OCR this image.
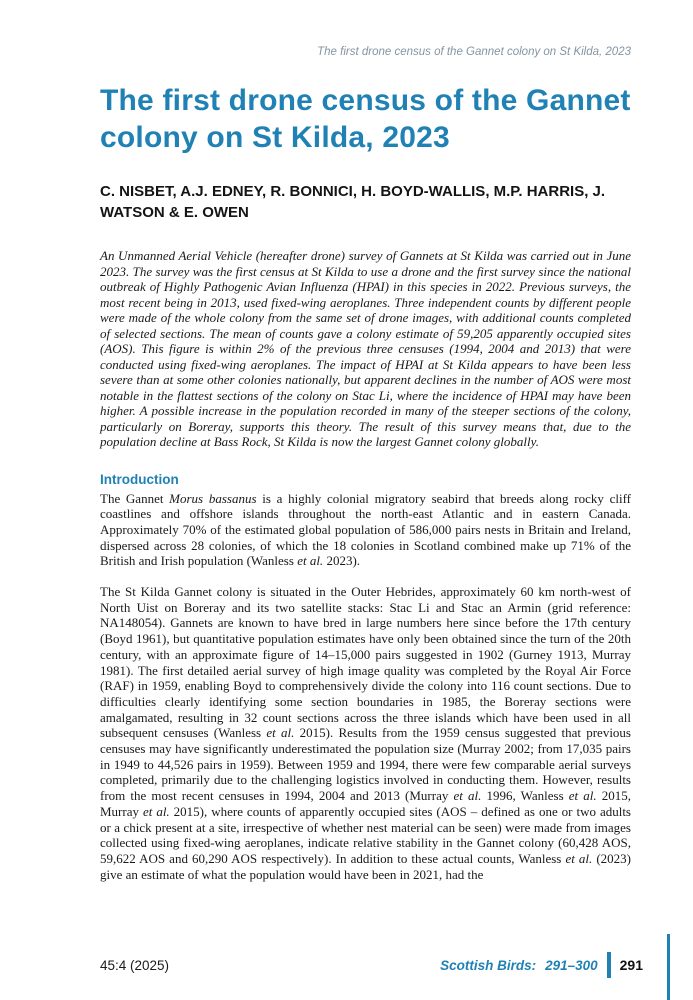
The first drone census of the Gannet colony on St Kilda, 2023
The first drone census of the Gannet colony on St Kilda, 2023
C. NISBET, A.J. EDNEY, R. BONNICI, H. BOYD-WALLIS, M.P. HARRIS, J. WATSON & E. OWEN
An Unmanned Aerial Vehicle (hereafter drone) survey of Gannets at St Kilda was carried out in June 2023. The survey was the first census at St Kilda to use a drone and the first survey since the national outbreak of Highly Pathogenic Avian Influenza (HPAI) in this species in 2022. Previous surveys, the most recent being in 2013, used fixed-wing aeroplanes. Three independent counts by different people were made of the whole colony from the same set of drone images, with additional counts completed of selected sections. The mean of counts gave a colony estimate of 59,205 apparently occupied sites (AOS). This figure is within 2% of the previous three censuses (1994, 2004 and 2013) that were conducted using fixed-wing aeroplanes. The impact of HPAI at St Kilda appears to have been less severe than at some other colonies nationally, but apparent declines in the number of AOS were most notable in the flattest sections of the colony on Stac Li, where the incidence of HPAI may have been higher. A possible increase in the population recorded in many of the steeper sections of the colony, particularly on Boreray, supports this theory. The result of this survey means that, due to the population decline at Bass Rock, St Kilda is now the largest Gannet colony globally.
Introduction
The Gannet Morus bassanus is a highly colonial migratory seabird that breeds along rocky cliff coastlines and offshore islands throughout the north-east Atlantic and in eastern Canada. Approximately 70% of the estimated global population of 586,000 pairs nests in Britain and Ireland, dispersed across 28 colonies, of which the 18 colonies in Scotland combined make up 71% of the British and Irish population (Wanless et al. 2023).
The St Kilda Gannet colony is situated in the Outer Hebrides, approximately 60 km north-west of North Uist on Boreray and its two satellite stacks: Stac Li and Stac an Armin (grid reference: NA148054). Gannets are known to have bred in large numbers here since before the 17th century (Boyd 1961), but quantitative population estimates have only been obtained since the turn of the 20th century, with an approximate figure of 14–15,000 pairs suggested in 1902 (Gurney 1913, Murray 1981). The first detailed aerial survey of high image quality was completed by the Royal Air Force (RAF) in 1959, enabling Boyd to comprehensively divide the colony into 116 count sections. Due to difficulties clearly identifying some section boundaries in 1985, the Boreray sections were amalgamated, resulting in 32 count sections across the three islands which have been used in all subsequent censuses (Wanless et al. 2015). Results from the 1959 census suggested that previous censuses may have significantly underestimated the population size (Murray 2002; from 17,035 pairs in 1949 to 44,526 pairs in 1959). Between 1959 and 1994, there were few comparable aerial surveys completed, primarily due to the challenging logistics involved in conducting them. However, results from the most recent censuses in 1994, 2004 and 2013 (Murray et al. 1996, Wanless et al. 2015, Murray et al. 2015), where counts of apparently occupied sites (AOS – defined as one or two adults or a chick present at a site, irrespective of whether nest material can be seen) were made from images collected using fixed-wing aeroplanes, indicate relative stability in the Gannet colony (60,428 AOS, 59,622 AOS and 60,290 AOS respectively). In addition to these actual counts, Wanless et al. (2023) give an estimate of what the population would have been in 2021, had the
45:4 (2025)	Scottish Birds: 291–300 291
